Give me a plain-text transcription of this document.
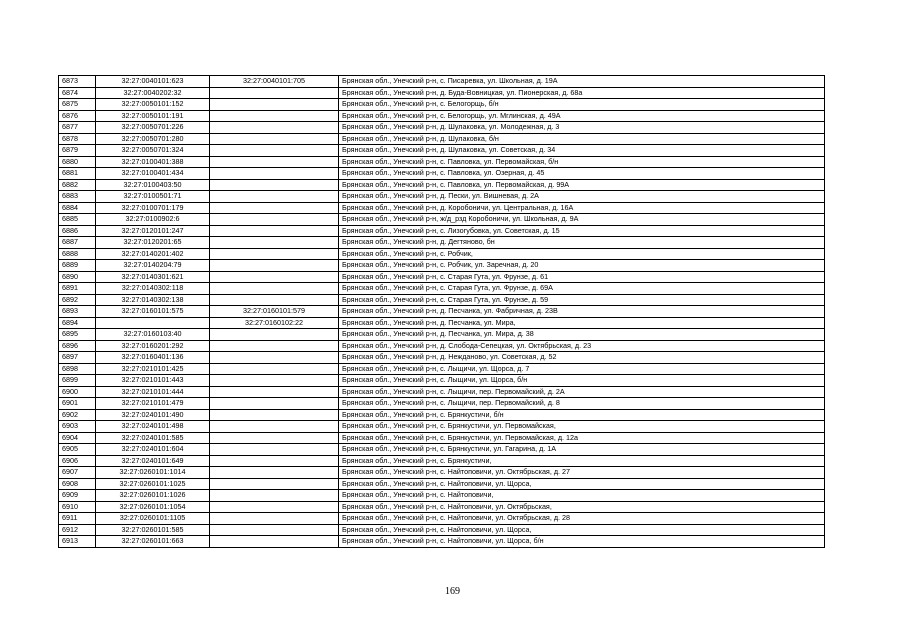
6873	32:27:0040101:623	32:27:0040101:705	Брянская обл., Унечский р-н, с. Писаревка, ул. Школьная, д. 19А
6874	32:27:0040202:32		Брянская обл., Унечский р-н, д. Буда-Вовницкая, ул. Пионерская, д. 68а
6875	32:27:0050101:152		Брянская обл., Унечский р-н, с. Белогорщь, б/н
6876	32:27:0050101:191		Брянская обл., Унечский р-н, с. Белогорщь, ул. Мглинская, д. 49А
6877	32:27:0050701:226		Брянская обл., Унечский р-н, д. Шулаковка, ул. Молодежная, д. 3
6878	32:27:0050701:280		Брянская обл., Унечский р-н, д. Шулаковка, б/н
6879	32:27:0050701:324		Брянская обл., Унечский р-н, д. Шулаковка, ул. Советская, д. 34
6880	32:27:0100401:388		Брянская обл., Унечский р-н, с. Павловка, ул. Первомайская, б/н
6881	32:27:0100401:434		Брянская обл., Унечский р-н, с. Павловка, ул. Озерная, д. 45
6882	32:27:0100403:50		Брянская обл., Унечский р-н, с. Павловка, ул. Первомайская, д. 99А
6883	32:27:0100501:71		Брянская обл., Унечский р-н, д. Пески, ул. Вишневая, д. 2А
6884	32:27:0100701:179		Брянская обл., Унечский р-н, д. Коробоничи, ул. Центральная, д. 16А
6885	32:27:0100902:6		Брянская обл., Унечский р-н, ж/д_рзд Коробоничи, ул. Школьная, д. 9А
6886	32:27:0120101:247		Брянская обл., Унечский р-н, с. Лизогубовка, ул. Советская, д. 15
6887	32:27:0120201:65		Брянская обл., Унечский р-н, д. Дегтяново, бн
6888	32:27:0140201:402		Брянская обл., Унечский р-н, с. Робчик,
6889	32:27:0140204:79		Брянская обл., Унечский р-н, с. Робчик, ул. Заречная, д. 20
6890	32:27:0140301:621		Брянская обл., Унечский р-н, с. Старая Гута, ул. Фрунзе, д. 61
6891	32:27:0140302:118		Брянская обл., Унечский р-н, с. Старая Гута, ул. Фрунзе, д. 69А
6892	32:27:0140302:138		Брянская обл., Унечский р-н, с. Старая Гута, ул. Фрунзе, д. 59
6893	32:27:0160101:575	32:27:0160101:579	Брянская обл., Унечский р-н, д. Песчанка, ул. Фабричная, д. 23В
6894		32:27:0160102:22	Брянская обл., Унечский р-н, д. Песчанка, ул. Мира,
6895	32:27:0160103:40		Брянская обл., Унечский р-н, д. Песчанка, ул. Мира, д. 38
6896	32:27:0160201:292		Брянская обл., Унечский р-н, д. Слобода-Сепецкая, ул. Октябрьская, д. 23
6897	32:27:0160401:136		Брянская обл., Унечский р-н, д. Нежданово, ул. Советская, д. 52
6898	32:27:0210101:425		Брянская обл., Унечский р-н, с. Лыщичи, ул. Щорса, д. 7
6899	32:27:0210101:443		Брянская обл., Унечский р-н, с. Лыщичи, ул. Щорса, б/н
6900	32:27:0210101:444		Брянская обл., Унечский р-н, с. Лыщичи, пер. Первомайский, д. 2А
6901	32:27:0210101:479		Брянская обл., Унечский р-н, с. Лыщичи, пер. Первомайский, д. 8
6902	32:27:0240101:490		Брянская обл., Унечский р-н, с. Брянкустичи, б/н
6903	32:27:0240101:498		Брянская обл., Унечский р-н, с. Брянкустичи, ул. Первомайская,
6904	32:27:0240101:585		Брянская обл., Унечский р-н, с. Брянкустичи, ул. Первомайская, д. 12а
6905	32:27:0240101:604		Брянская обл., Унечский р-н, с. Брянкустичи, ул. Гагарина, д. 1А
6906	32:27:0240101:649		Брянская обл., Унечский р-н, с. Брянкустичи,
6907	32:27:0260101:1014		Брянская обл., Унечский р-н, с. Найтоповичи, ул. Октябрьская, д. 27
6908	32:27:0260101:1025		Брянская обл., Унечский р-н, с. Найтоповичи, ул. Щорса,
6909	32:27:0260101:1026		Брянская обл., Унечский р-н, с. Найтоповичи,
6910	32:27:0260101:1054		Брянская обл., Унечский р-н, с. Найтоповичи, ул. Октябрьская,
6911	32:27:0260101:1105		Брянская обл., Унечский р-н, с. Найтоповичи, ул. Октябрьская, д. 28
6912	32:27:0260101:585		Брянская обл., Унечский р-н, с. Найтоповичи, ул. Щорса,
6913	32:27:0260101:663		Брянская обл., Унечский р-н, с. Найтоповичи, ул. Щорса, б/н
169
